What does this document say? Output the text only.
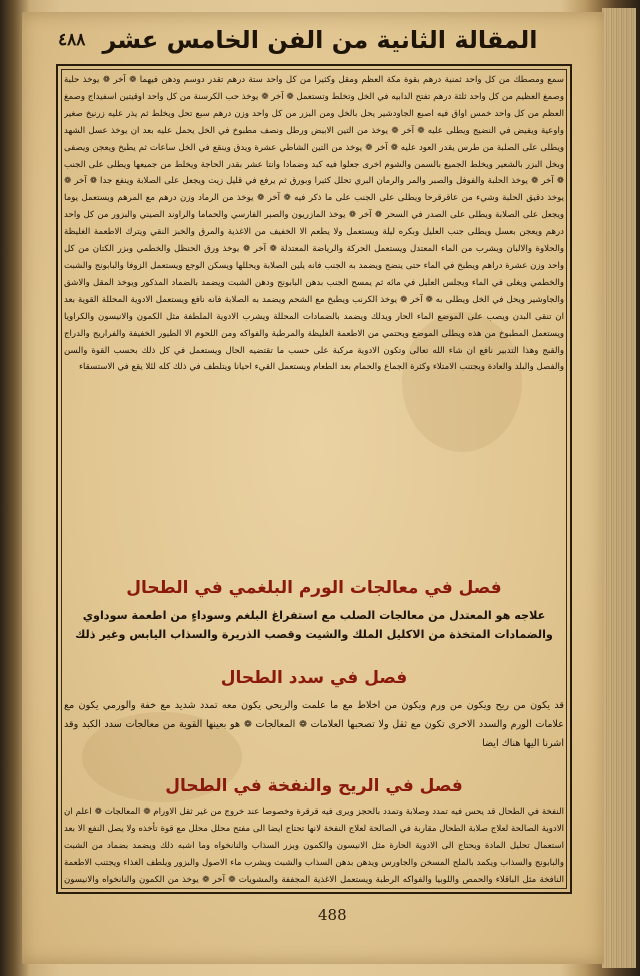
٤٨٨ المقالة الثانية من الفن الخامس عشر
سمع ومصطك من كل واحد ثمنية درهم بقوة مكة العظم ومقل وكثيرا من كل واحد ستة درهم تقدر دوسم ودهن فيهما ❁ آخر ❁ يوخذ حلبة وصمغ العظيم من كل واحد ثلثة درهم تفتح الدابيه في الخل وتخلط وتستعمل ❁ آخر ❁ يوخذ حب الكرسنة من كل واحد اوقيتين اسفيداج وصمغ العظم من كل واحد خمس اواق فيه اصبع الجاودشير يحل بالخل ومن البزر من كل واحد وزن درهم سبع تحل ويخلط ثم يذر عليه زرنيخ صغير واوعية ويفيض في النضيج ويطلى عليه ❁ آخر ❁ يوخذ من التين الابيض ورطل ونصف مطبوخ في الخل يحمل عليه بعد ان يوخذ عسل الشهد ويطلى على الصلبة من طرس يقدر العود عليه ❁ آخر ❁ يوخذ من التين الشاطي عشرة ويدق وينقع في الخل ساعات ثم يطبخ ويعجن ويصفى وبخل البزر بالشعير ويخلط الجميع بالسمن والشوم اخرى جعلوا فيه كبد وضمادا وانتا عشر بقدر الحاجة ويخلط من جميعها ويطلى على الجنب ❁ آخر ❁ يوخذ الحلبة والفوفل والصبر والمر والرمان البري تحلل كثيرا وبورق ثم يرفع في قليل زيت ويجعل على الصلابة وينفع جدا ❁ آخر ❁ يوخذ دقيق الحلبة وشيء من عاقرقرحا ويطلى على الجنب على ما ذكر فيه ❁ آخر ❁ يوخذ من الرماد وزن درهم مع المرهم ويستعمل يوما ويجعل على الصلابة ويطلى على الصدر في السحر ❁ آخر ❁ يوخذ المازريون والصبر الفارسي والحماما والراوند الصيني والبزور من كل واحد درهم ويعجن بعسل ويطلى جنب العليل وبكره ليلة ويستعمل ولا يطعم الا الخفيف من الاغذية والمرق والخبز النقي ويترك الاطعمة الغليظة والحلاوة والالبان ويشرب من الماء المعتدل ويستعمل الحركة والرياضة المعتدلة ❁ آخر ❁ يوخذ ورق الحنظل والخطمي وبزر الكتان من كل واحد وزن عشرة دراهم ويطبخ في الماء حتى ينضج ويضمد به الجنب فانه يلين الصلابة ويحللها ويسكن الوجع ويستعمل الزوفا والبابونج والشبت والخطمي ويغلى في الماء ويجلس العليل في مائه ثم يمسح الجنب بدهن البابونج ودهن الشبت ويضمد بالضماد المذكور ويوخذ المقل والاشق والجاوشير ويحل في الخل ويطلى به ❁ آخر ❁ يوخذ الكرنب ويطبخ مع الشحم ويضمد به الصلابة فانه نافع ويستعمل الادوية المحللة القوية بعد ان تنقى البدن ويصب على الموضع الماء الحار ويدلك ويضمد بالضمادات المحللة ويشرب الادوية الملطفة مثل الكمون والانيسون والكراويا ويستعمل المطبوخ من هذه ويطلى الموضع ويحتمي من الاطعمة الغليظة والمرطبة والفواكه ومن اللحوم الا الطيور الخفيفة والفراريج والدراج والقبج وهذا التدبير نافع ان شاء الله تعالى وتكون الادوية مركبة على حسب ما تقتضيه الحال ويستعمل في كل ذلك بحسب القوة والسن والفصل والبلد والعادة ويجتنب الامتلاء وكثرة الجماع والحمام بعد الطعام ويستعمل القيء احيانا ويتلطف في ذلك كله لئلا يقع في الاستسقاء
فصل في معالجات الورم البلغمي في الطحال
علاجه هو المعتدل من معالجات الصلب مع استفراغ البلغم وسوداءٍ من اطعمة سوداوي والضمادات المتخذة من الاكليل الملك والشيت وقصب الذريرة والسذاب اليابس وغير ذلك
فصل في سدد الطحال
قد يكون من ريح ويكون من ورم ويكون من اخلاط مع ما علمت والريحي يكون معه تمدد شديد مع خفة والورمي يكون مع علامات الورم والسدد الاخرى تكون مع ثقل ولا تصحبها العلامات ❁ المعالجات ❁ هو بعينها القوية من معالجات سدد الكبد وقد اشرنا اليها هناك ايضا
فصل في الريح والنفخة في الطحال
النفخة في الطحال قد يحس فيه تمدد وصلابة وتمدد بالحجز ويرى فيه قرقرة وخصوصا عند خروج من غير ثقل الاورام ❁ المعالجات ❁ اعلم ان الادوية الصالحة لعلاج صلابة الطحال مقاربة في الصالحة لعلاج النفخة لانها تحتاج ايضا الى مفتح محلل محلل مع قوة تأخذه ولا يصل النفع الا بعد استعمال تحليل المادة ويحتاج الى الادوية الحارة مثل الانيسون والكمون وبزر السذاب والنانخواه وما اشبه ذلك ويضمد بضماد من الشبت والبابونج والسذاب ويكمد بالملح المسخن والجاورس ويدهن بدهن السذاب والشبت ويشرب ماء الاصول والبزور ويلطف الغذاء ويجتنب الاطعمة النافخة مثل الباقلاء والحمص واللوبيا والفواكه الرطبة ويستعمل الاغذية المجففة والمشويات ❁ آخر ❁ يوخذ من الكمون والنانخواه والانيسون
488
